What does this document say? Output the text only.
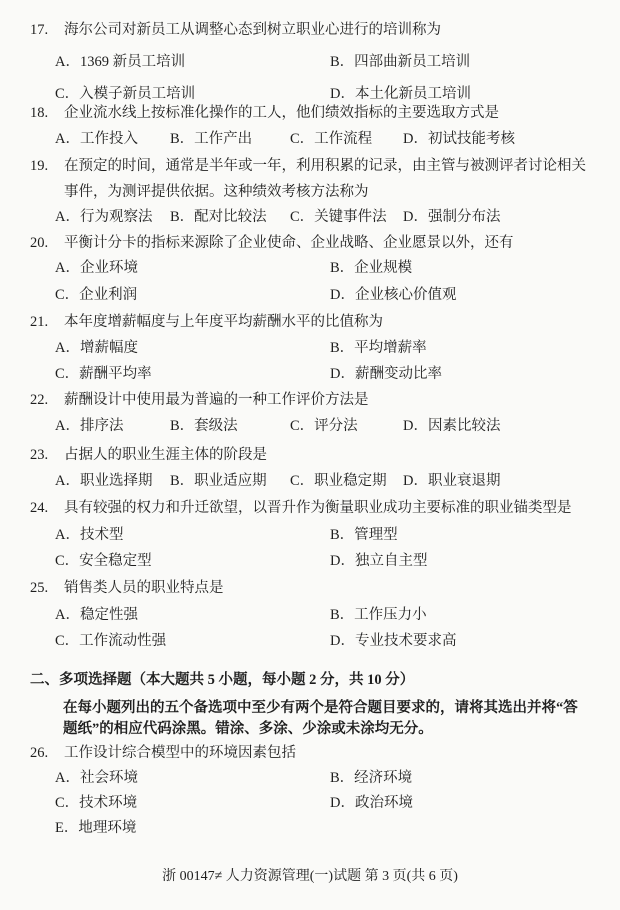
17. 海尔公司对新员工从调整心态到树立职业心进行的培训称为
A．1369 新员工培训	B．四部曲新员工培训
C．入模子新员工培训	D．本土化新员工培训
18. 企业流水线上按标准化操作的工人，他们绩效指标的主要选取方式是
A．工作投入 B．工作产出	C．工作流程 D．初试技能考核
19. 在预定的时间，通常是半年或一年，利用积累的记录，由主管与被测评者讨论相关
事件，为测评提供依据。这种绩效考核方法称为
A．行为观察法 B．配对比较法 C．关键事件法 D．强制分布法
20. 平衡计分卡的指标来源除了企业使命、企业战略、企业愿景以外，还有
A．企业环境	B．企业规模
C．企业利润	D．企业核心价值观
21. 本年度增薪幅度与上年度平均薪酬水平的比值称为
A．增薪幅度	B．平均增薪率
C．薪酬平均率	D．薪酬变动比率
22. 薪酬设计中使用最为普遍的一种工作评价方法是
A．排序法	B．套级法	C．评分法	D．因素比较法
23. 占据人的职业生涯主体的阶段是
A．职业选择期 B．职业适应期 C．职业稳定期 D．职业衰退期
24. 具有较强的权力和升迁欲望，以晋升作为衡量职业成功主要标准的职业锚类型是
A．技术型	B．管理型
C．安全稳定型	D．独立自主型
25. 销售类人员的职业特点是
A．稳定性强	B．工作压力小
C．工作流动性强	D．专业技术要求高
二、多项选择题（本大题共 5 小题，每小题 2 分，共 10 分）
在每小题列出的五个备选项中至少有两个是符合题目要求的，请将其选出并将“答
题纸”的相应代码涂黑。错涂、多涂、少涂或未涂均无分。
26. 工作设计综合模型中的环境因素包括
A．社会环境	B．经济环境
C．技术环境	D．政治环境
E．地理环境
浙 00147≠ 人力资源管理(一)试题 第 3 页(共 6 页)
